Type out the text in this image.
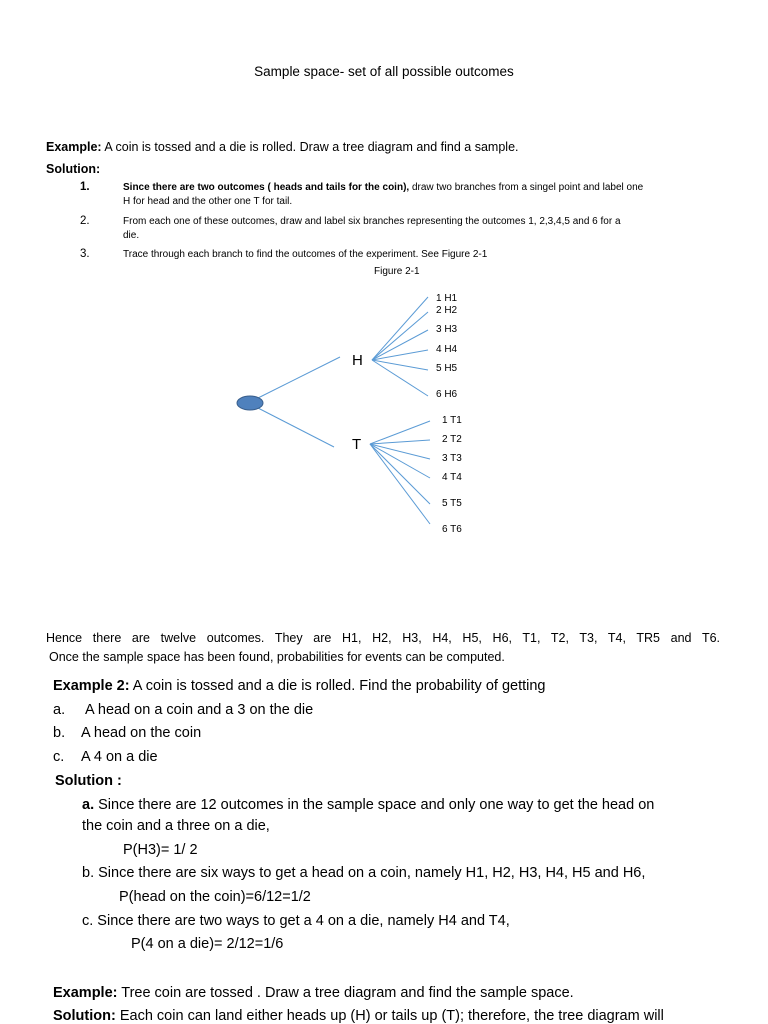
Sample space- set of all possible outcomes
Example: A coin is tossed and a die is rolled. Draw a tree diagram and find a sample.
Solution:
1.	Since there are two outcomes ( heads and tails for the coin), draw two branches from a singel point and label one
H for head and the other one T for tail.
2.	From each one of these outcomes, draw and label six branches representing the outcomes 1, 2,3,4,5 and 6 for a
die.
3.	Trace through each branch to find the outcomes of the experiment. See Figure 2-1
Figure 2-1
H
T
1 H1
2 H2
3 H3
4 H4
5 H5
6 H6
1 T1
2 T2
3 T3
4 T4
5 T5
6 T6
Hence there are twelve outcomes. They are H1, H2, H3, H4, H5, H6, T1, T2, T3, T4, TR5 and T6.
Once the sample space has been found, probabilities for events can be computed.
Example 2: A coin is tossed and a die is rolled. Find the probability of getting
a. A head on a coin and a 3 on the die
b. A head on the coin
c. A 4 on a die
Solution :
a. Since there are 12 outcomes in the sample space and only one way to get the head on
the coin and a three on a die,
P(H3)= 1/ 2
b. Since there are six ways to get a head on a coin, namely H1, H2, H3, H4, H5 and H6,
P(head on the coin)=6/12=1/2
c. Since there are two ways to get a 4 on a die, namely H4 and T4,
P(4 on a die)= 2/12=1/6
Example: Tree coin are tossed . Draw a tree diagram and find the sample space.
Solution: Each coin can land either heads up (H) or tails up (T); therefore, the tree diagram will
